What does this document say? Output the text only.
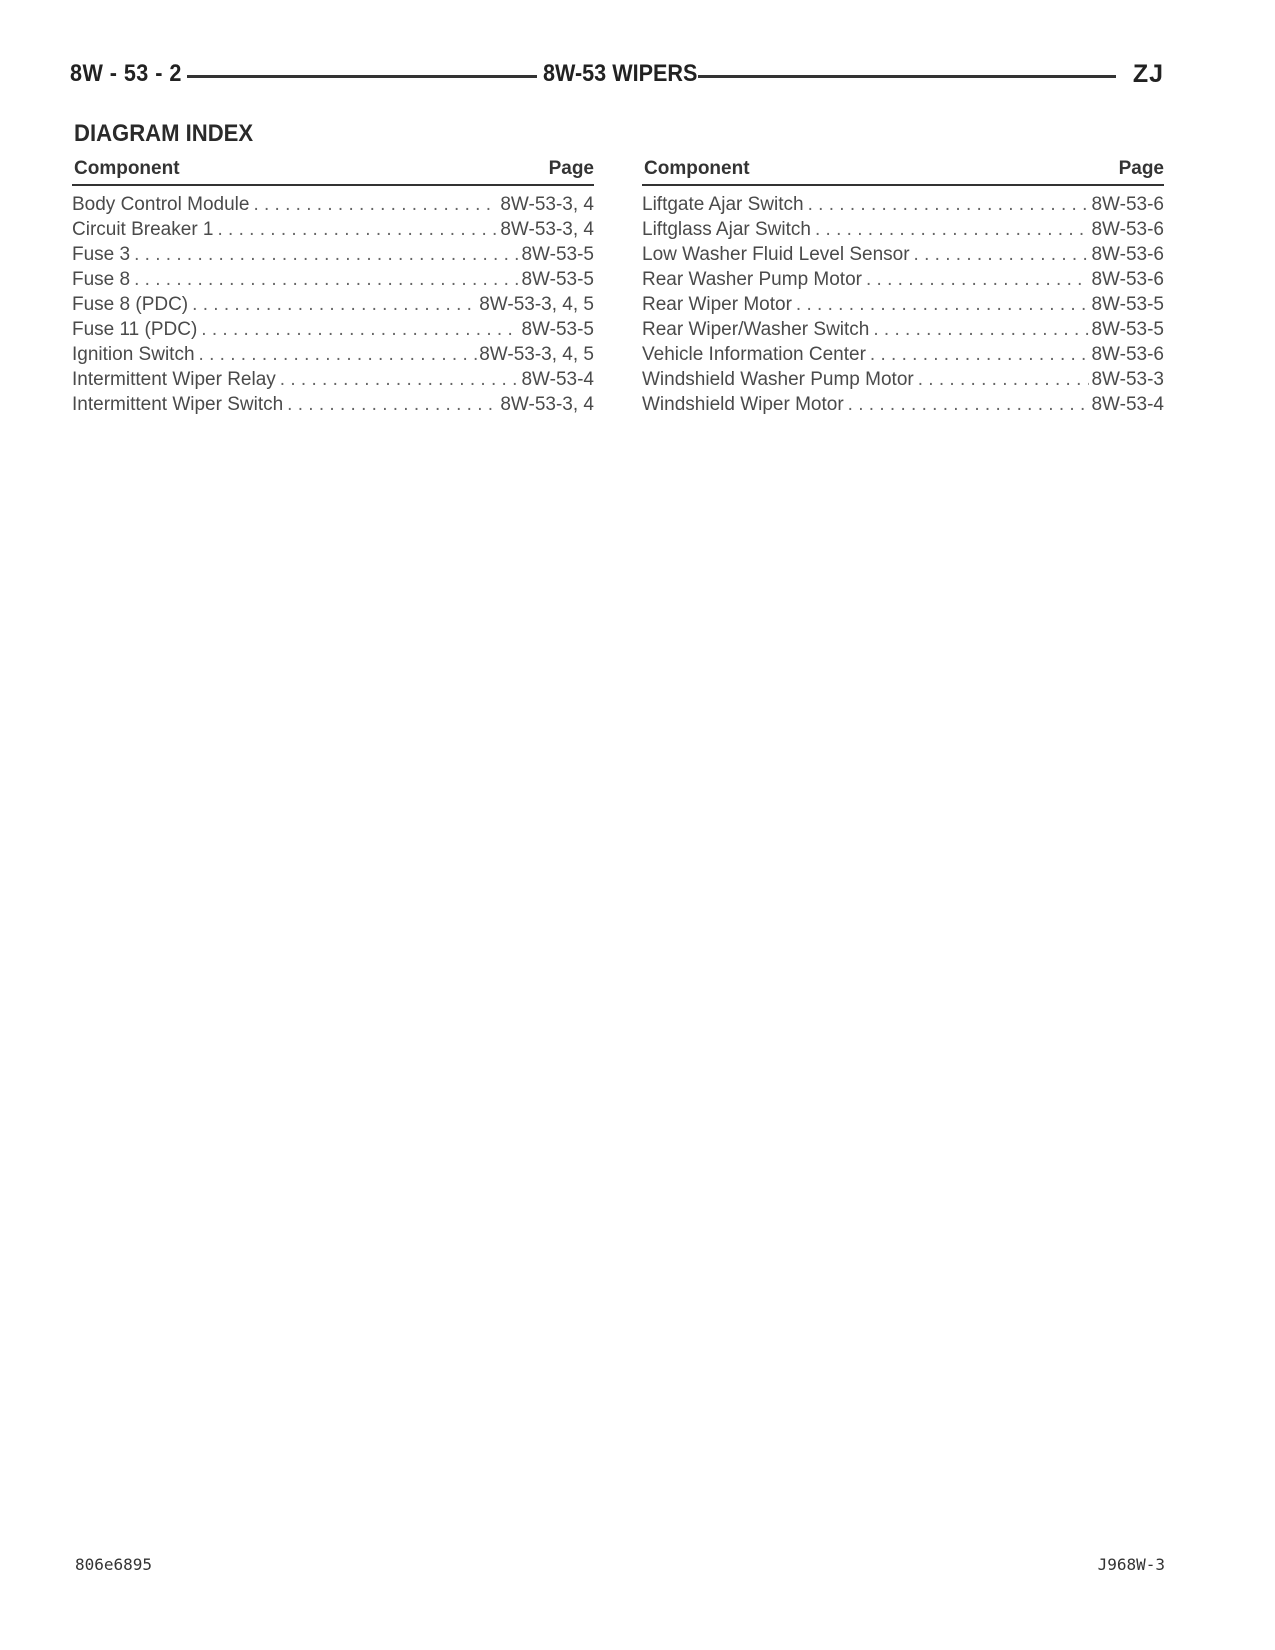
8W - 53 - 2	8W-53 WIPERS	ZJ
DIAGRAM INDEX
Component	Page
Body Control Module . . .	8W-53-3, 4
Circuit Breaker 1 . . .	8W-53-3, 4
Fuse 3 . . .	8W-53-5
Fuse 8 . . .	8W-53-5
Fuse 8 (PDC) . . .	8W-53-3, 4, 5
Fuse 11 (PDC) . . .	8W-53-5
Ignition Switch . . .	8W-53-3, 4, 5
Intermittent Wiper Relay . . .	8W-53-4
Intermittent Wiper Switch . . .	8W-53-3, 4
Component	Page
Liftgate Ajar Switch . . .	8W-53-6
Liftglass Ajar Switch . . .	8W-53-6
Low Washer Fluid Level Sensor . . .	8W-53-6
Rear Washer Pump Motor . . .	8W-53-6
Rear Wiper Motor . . .	8W-53-5
Rear Wiper/Washer Switch . . .	8W-53-5
Vehicle Information Center . . .	8W-53-6
Windshield Washer Pump Motor . . .	8W-53-3
Windshield Wiper Motor . . .	8W-53-4
806e6895	J968W-3
